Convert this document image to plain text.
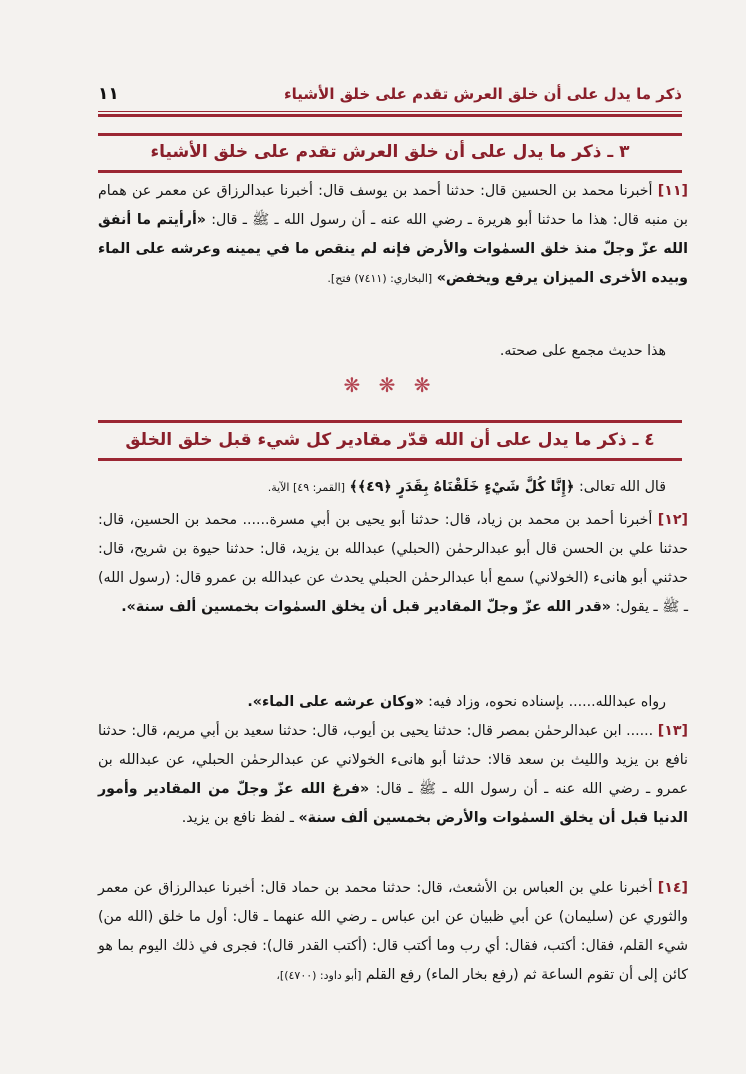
ذكر ما يدل على أن خلق العرش تقدم على خلق الأشياء
١١
٣ ـ ذكر ما يدل على أن خلق العرش تقدم على خلق الأشياء

[١١] أخبرنا محمد بن الحسين قال: حدثنا أحمد بن يوسف قال: أخبرنا عبدالرزاق عن معمر عن همام بن منبه قال: هذا ما حدثنا أبو هريرة ـ رضي الله عنه ـ أن رسول الله ـ ﷺ ـ قال: «أرأيتم ما أنفق الله عزّ وجلّ منذ خلق السمٰوات والأرض فإنه لم ينقص ما في يمينه وعرشه على الماء وبيده الأخرى الميزان يرفع ويخفض» [البخاري: (٧٤١١) فتح].

هذا حديث مجمع على صحته.

❋ ❋ ❋
٤ ـ ذكر ما يدل على أن الله قدّر مقادير كل شيء قبل خلق الخلق

قال الله تعالى: ﴿إِنَّا كُلَّ شَيْءٍ خَلَقْنَاهُ بِقَدَرٍ ﴿٤٩﴾﴾ [القمر: ٤٩] الآية.

[١٢] أخبرنا أحمد بن محمد بن زياد، قال: حدثنا أبو يحيى بن أبي مسرة...... محمد بن الحسين، قال: حدثنا علي بن الحسن قال أبو عبدالرحمٰن (الحبلي) عبدالله بن يزيد، قال: حدثنا حيوة بن شريح، قال: حدثني أبو هانىء (الخولاني) سمع أبا عبدالرحمٰن الحبلي يحدث عن عبدالله بن عمرو قال: (رسول الله) ـ ﷺ ـ يقول: «قدر الله عزّ وجلّ المقادير قبل أن يخلق السمٰوات بخمسين ألف سنة».

رواه عبدالله...... بإسناده نحوه، وزاد فيه: «وكان عرشه على الماء».

[١٣] ...... ابن عبدالرحمٰن بمصر قال: حدثنا يحيى بن أيوب، قال: حدثنا سعيد بن أبي مريم، قال: حدثنا نافع بن يزيد والليث بن سعد قالا: حدثنا أبو هانىء الخولاني عن عبدالرحمٰن الحبلي، عن عبدالله بن عمرو ـ رضي الله عنه ـ أن رسول الله ـ ﷺ ـ قال: «فرغ الله عزّ وجلّ من المقادير وأمور الدنيا قبل أن يخلق السمٰوات والأرض بخمسين ألف سنة» ـ لفظ نافع بن يزيد.

[١٤] أخبرنا علي بن العباس بن الأشعث، قال: حدثنا محمد بن حماد قال: أخبرنا عبدالرزاق عن معمر والثوري عن (سليمان) عن أبي ظبيان عن ابن عباس ـ رضي الله عنهما ـ قال: أول ما خلق (الله من) شيء القلم، فقال: أكتب، فقال: أي رب وما أكتب قال: (أكتب القدر قال): فجرى في ذلك اليوم بما هو كائن إلى أن تقوم الساعة ثم (رفع بخار الماء) رفع القلم [أبو داود: (٤٧٠٠)]،
